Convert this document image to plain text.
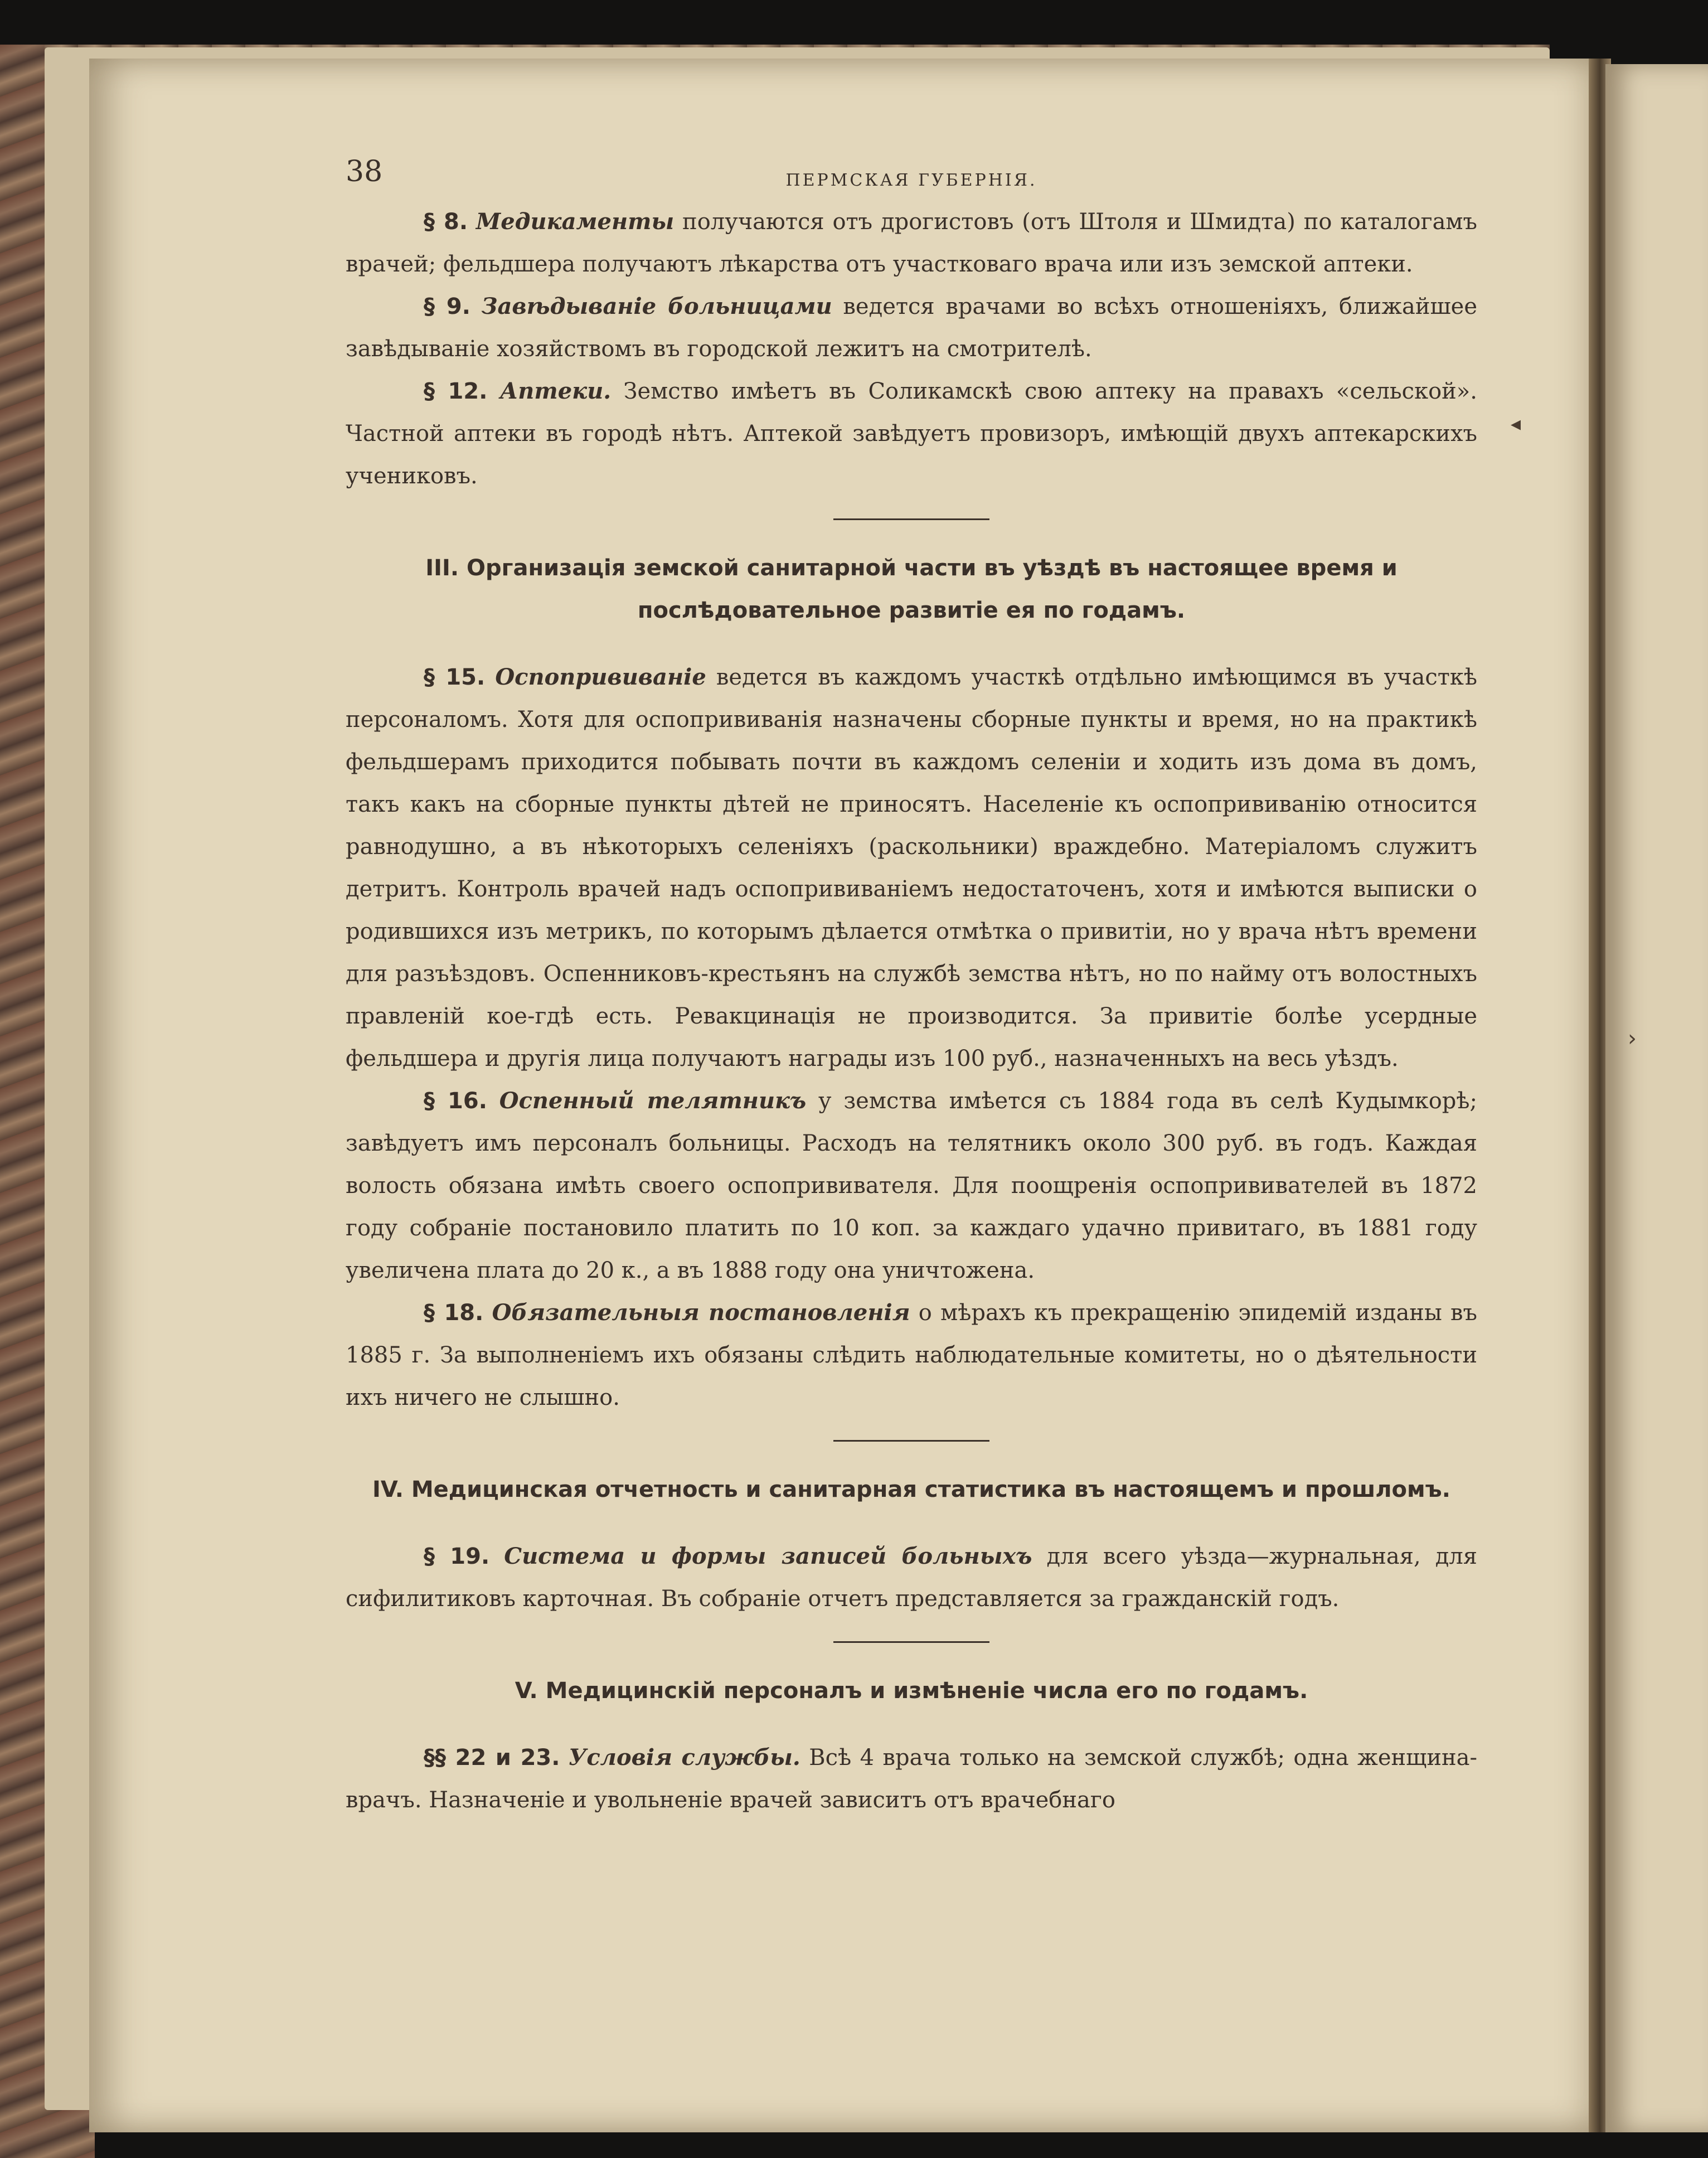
38	ПЕРМСКАЯ ГУБЕРНIЯ.

§ 8. Медикаменты получаются отъ дрогистовъ (отъ Штоля и Шмидта) по каталогамъ врачей; фельдшера получаютъ лѣкарства отъ участковаго врача или изъ земской аптеки.

§ 9. Завѣдываніе больницами ведется врачами во всѣхъ отношеніяхъ, ближайшее завѣдываніе хозяйствомъ въ городской лежитъ на смотрителѣ.

§ 12. Аптеки. Земство имѣетъ въ Соликамскѣ свою аптеку на правахъ «сельской». Частной аптеки въ городѣ нѣтъ. Аптекой завѣдуетъ провизоръ, имѣющій двухъ аптекарскихъ учениковъ.

III. Организація земской санитарной части въ уѣздѣ въ настоящее время и послѣдовательное развитіе ея по годамъ.

§ 15. Оспопрививаніе ведется въ каждомъ участкѣ отдѣльно имѣющимся въ участкѣ персоналомъ. Хотя для оспопрививанія назначены сборные пункты и время, но на практикѣ фельдшерамъ приходится побывать почти въ каждомъ селеніи и ходить изъ дома въ домъ, такъ какъ на сборные пункты дѣтей не приносятъ. Населеніе къ оспопрививанію относится равнодушно, а въ нѣкоторыхъ селеніяхъ (раскольники) враждебно. Матеріаломъ служитъ детритъ. Контроль врачей надъ оспопрививаніемъ недостаточенъ, хотя и имѣются выписки о родившихся изъ метрикъ, по которымъ дѣлается отмѣтка о привитіи, но у врача нѣтъ времени для разъѣздовъ. Оспенниковъ-крестьянъ на службѣ земства нѣтъ, но по найму отъ волостныхъ правленій кое-гдѣ есть. Ревакцинація не производится. За привитіе болѣе усердные фельдшера и другія лица получаютъ награды изъ 100 руб., назначенныхъ на весь уѣздъ.

§ 16. Оспенный телятникъ у земства имѣется съ 1884 года въ селѣ Кудымкорѣ; завѣдуетъ имъ персоналъ больницы. Расходъ на телятникъ около 300 руб. въ годъ. Каждая волость обязана имѣть своего оспопрививателя. Для поощренія оспопрививателей въ 1872 году собраніе постановило платить по 10 коп. за каждаго удачно привитаго, въ 1881 году увеличена плата до 20 к., а въ 1888 году она уничтожена.

§ 18. Обязательныя постановленія о мѣрахъ къ прекращенію эпидемій изданы въ 1885 г. За выполненіемъ ихъ обязаны слѣдить наблюдательные комитеты, но о дѣятельности ихъ ничего не слышно.

IV. Медицинская отчетность и санитарная статистика въ настоящемъ и прошломъ.

§ 19. Система и формы записей больныхъ для всего уѣзда—журнальная, для сифилитиковъ карточная. Въ собраніе отчетъ представляется за гражданскій годъ.

V. Медицинскій персоналъ и измѣненіе числа его по годамъ.

§§ 22 и 23. Условія службы. Всѣ 4 врача только на земской службѣ; одна женщина-врачъ. Назначеніе и увольненіе врачей зависитъ отъ врачебнаго

◂
›
